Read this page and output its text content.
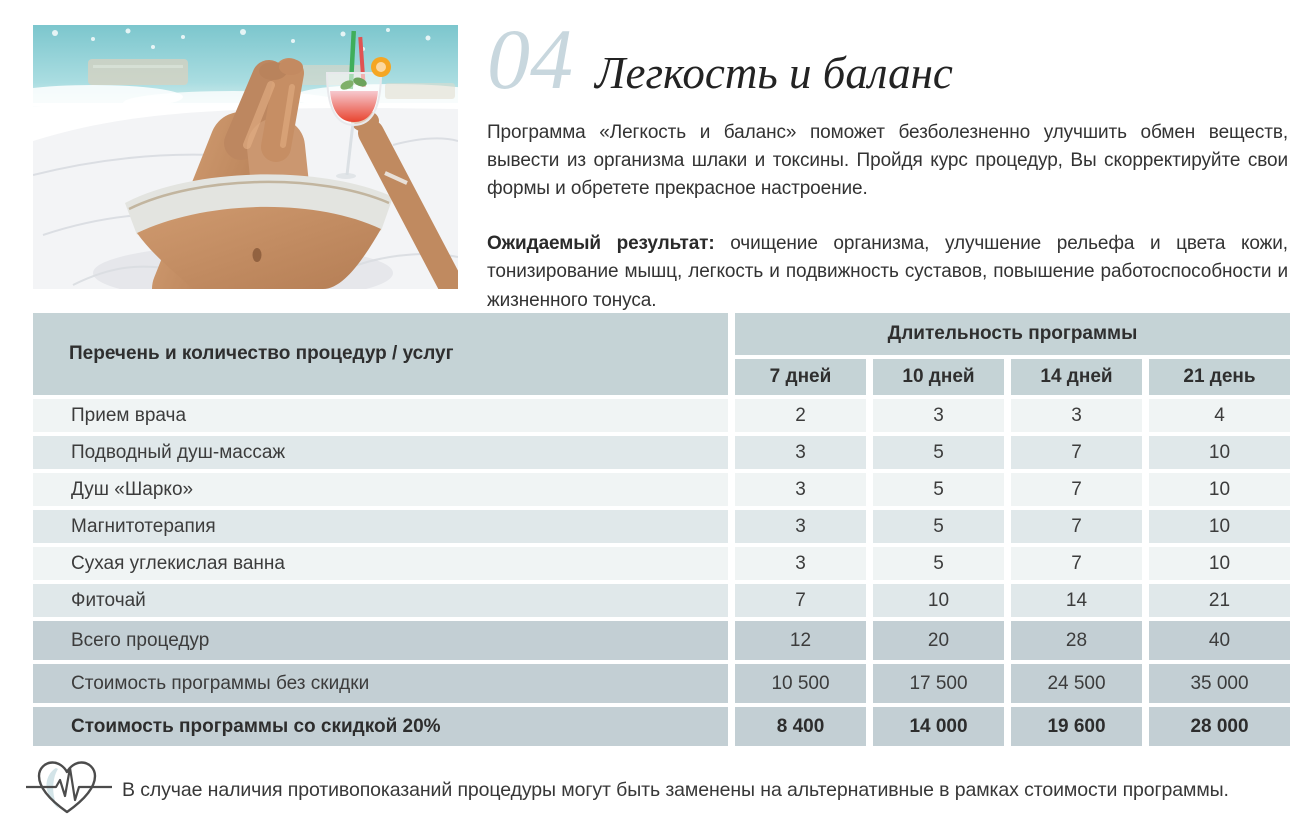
04 Легкость и баланс

Программа «Легкость и баланс» поможет безболезненно улучшить обмен веществ, вывести из организма шлаки и токсины. Пройдя курс процедур, Вы скорректируйте свои формы и обретете прекрасное настроение.

Ожидаемый результат: очищение организма, улучшение рельефа и цвета кожи, тонизирование мышц, легкость и подвижность суставов, повышение работоспособности и жизненного тонуса.

Перечень и количество процедур / услуг
Длительность программы
7 дней	10 дней	14 дней	21 день
Прием врача	2	3	3	4
Подводный душ-массаж	3	5	7	10
Душ «Шарко»	3	5	7	10
Магнитотерапия	3	5	7	10
Сухая углекислая ванна	3	5	7	10
Фиточай	7	10	14	21
Всего процедур	12	20	28	40
Стоимость программы без скидки	10 500	17 500	24 500	35 000
Стоимость программы со скидкой 20%	8 400	14 000	19 600	28 000
В случае наличия противопоказаний процедуры могут быть заменены на альтернативные в рамках стоимости программы.
